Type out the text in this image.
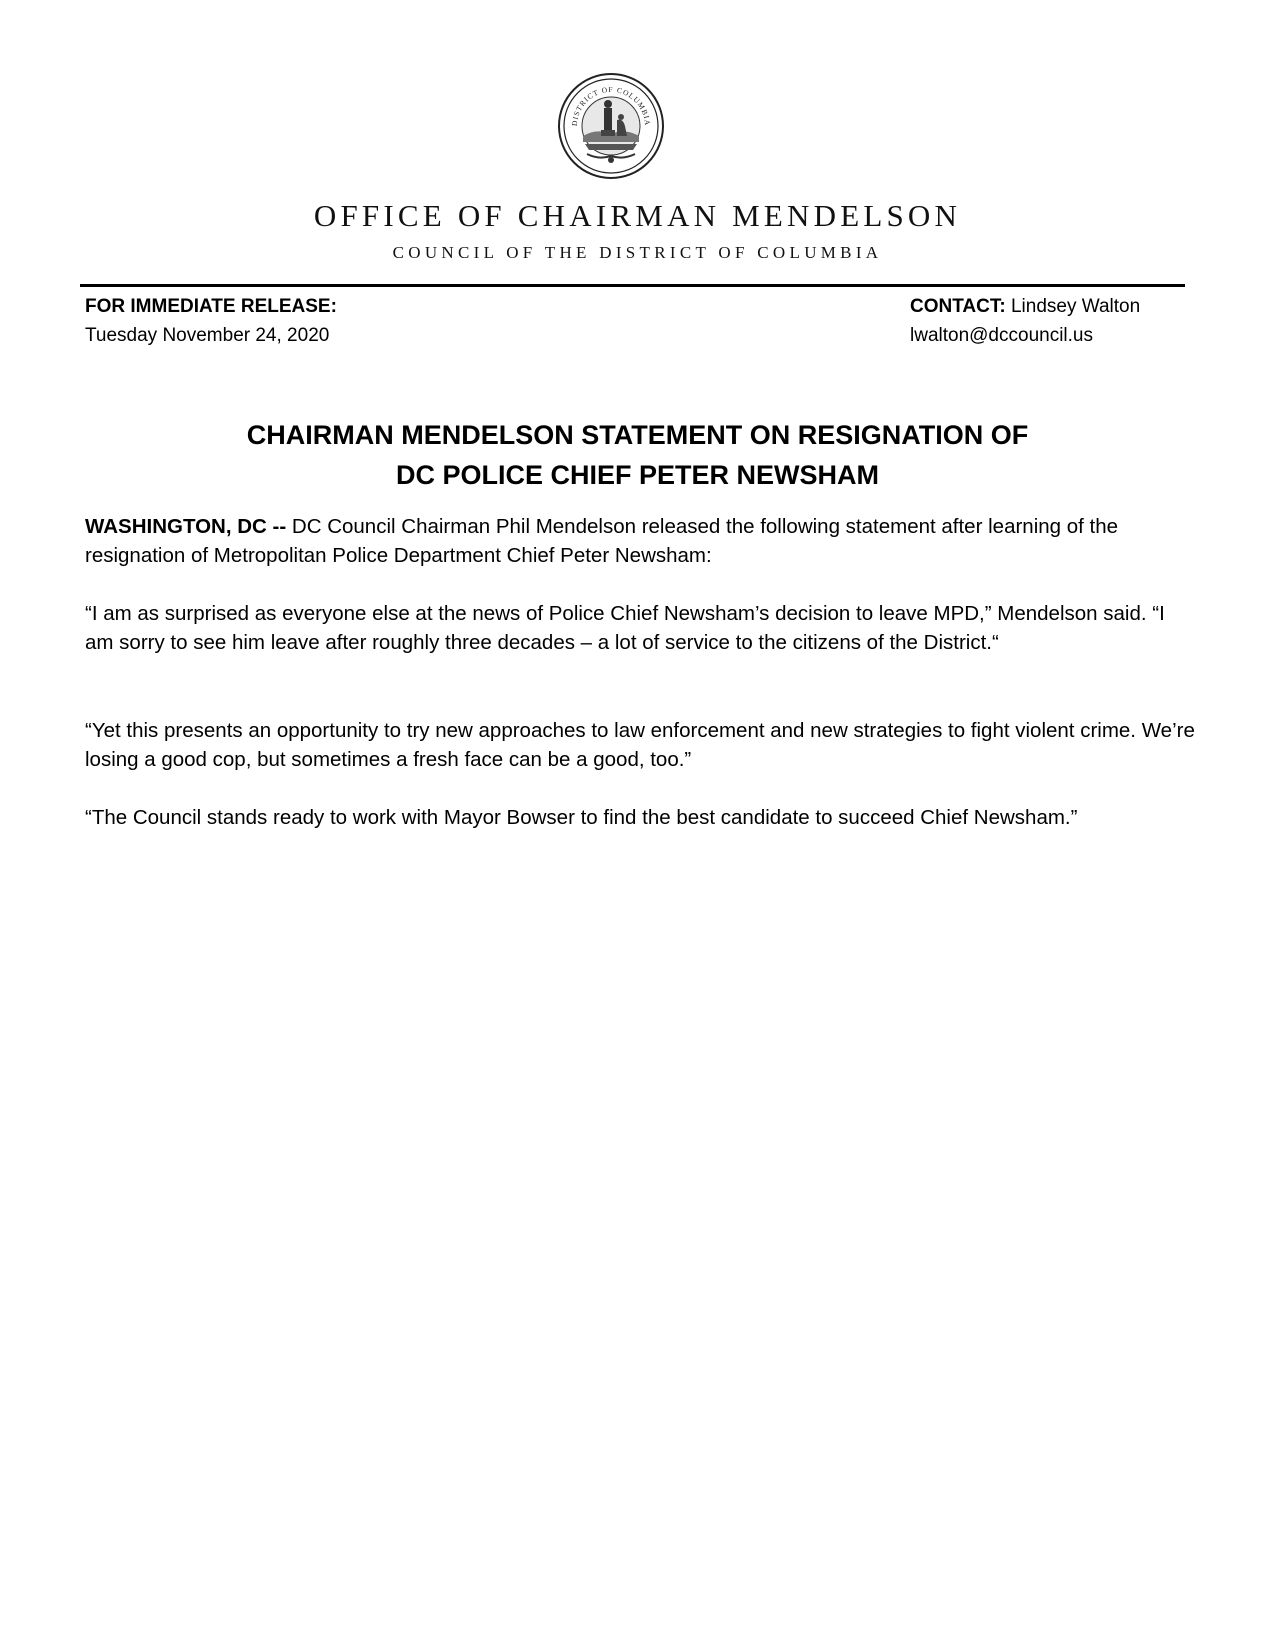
DISTRICT OF COLUMBIA
OFFICE OF CHAIRMAN MENDELSON
COUNCIL OF THE DISTRICT OF COLUMBIA
FOR IMMEDIATE RELEASE:
Tuesday November 24, 2020
CONTACT: Lindsey Walton
lwalton@dccouncil.us
CHAIRMAN MENDELSON STATEMENT ON RESIGNATION OF
DC POLICE CHIEF PETER NEWSHAM

WASHINGTON, DC -- DC Council Chairman Phil Mendelson released the following statement after learning of the resignation of Metropolitan Police Department Chief Peter Newsham:

“I am as surprised as everyone else at the news of Police Chief Newsham’s decision to leave MPD,” Mendelson said. “I am sorry to see him leave after roughly three decades – a lot of service to the citizens of the District.“

“Yet this presents an opportunity to try new approaches to law enforcement and new strategies to fight violent crime. We’re losing a good cop, but sometimes a fresh face can be a good, too.”

“The Council stands ready to work with Mayor Bowser to find the best candidate to succeed Chief Newsham.”
